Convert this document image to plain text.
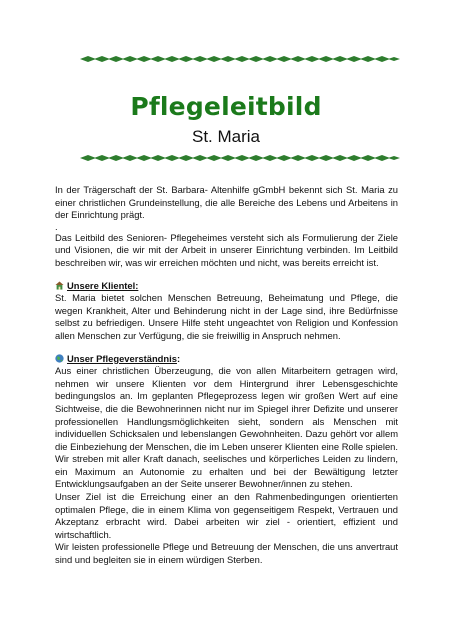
Pflegeleitbild
St. Maria

In der Trägerschaft der St. Barbara- Altenhilfe gGmbH bekennt sich St. Maria zu einer christlichen Grundeinstellung, die alle Bereiche des Lebens und Arbeitens in der Einrichtung prägt.

.

Das Leitbild des Senioren- Pflegeheimes versteht sich als Formulierung der Ziele und Visionen, die wir mit der Arbeit in unserer Einrichtung verbinden. Im Leitbild beschreiben wir, was wir erreichen möchten und nicht, was bereits erreicht ist.

Unsere Klientel:

St. Maria bietet solchen Menschen Betreuung, Beheimatung und Pflege, die wegen Krankheit, Alter und Behinderung nicht in der Lage sind, ihre Bedürfnisse selbst zu befriedigen. Unsere Hilfe steht ungeachtet von Religion und Konfession allen Menschen zur Verfügung, die sie freiwillig in Anspruch nehmen.

Unser Pflegeverständnis :

Aus einer christlichen Überzeugung, die von allen Mitarbeitern getragen wird, nehmen wir unsere Klienten vor dem Hintergrund ihrer Lebensgeschichte bedingungslos an. Im geplanten Pflegeprozess legen wir großen Wert auf eine Sichtweise, die die Bewohnerinnen nicht nur im Spiegel ihrer Defizite und unserer professionellen Handlungsmöglichkeiten sieht, sondern als Menschen mit individuellen Schicksalen und lebenslangen Gewohnheiten. Dazu gehört vor allem die Einbeziehung der Menschen, die im Leben unserer Klienten eine Rolle spielen. Wir streben mit aller Kraft danach, seelisches und körperliches Leiden zu lindern, ein Maximum an Autonomie zu erhalten und bei der Bewältigung letzter Entwicklungsaufgaben an der Seite unserer Bewohner/innen zu stehen.

Unser Ziel ist die Erreichung einer an den Rahmenbedingungen orientierten optimalen Pflege, die in einem Klima von gegenseitigem Respekt, Vertrauen und Akzeptanz erbracht wird. Dabei arbeiten wir ziel - orientiert, effizient und wirtschaftlich.

Wir leisten professionelle Pflege und Betreuung der Menschen, die uns anvertraut sind und begleiten sie in einem würdigen Sterben.
